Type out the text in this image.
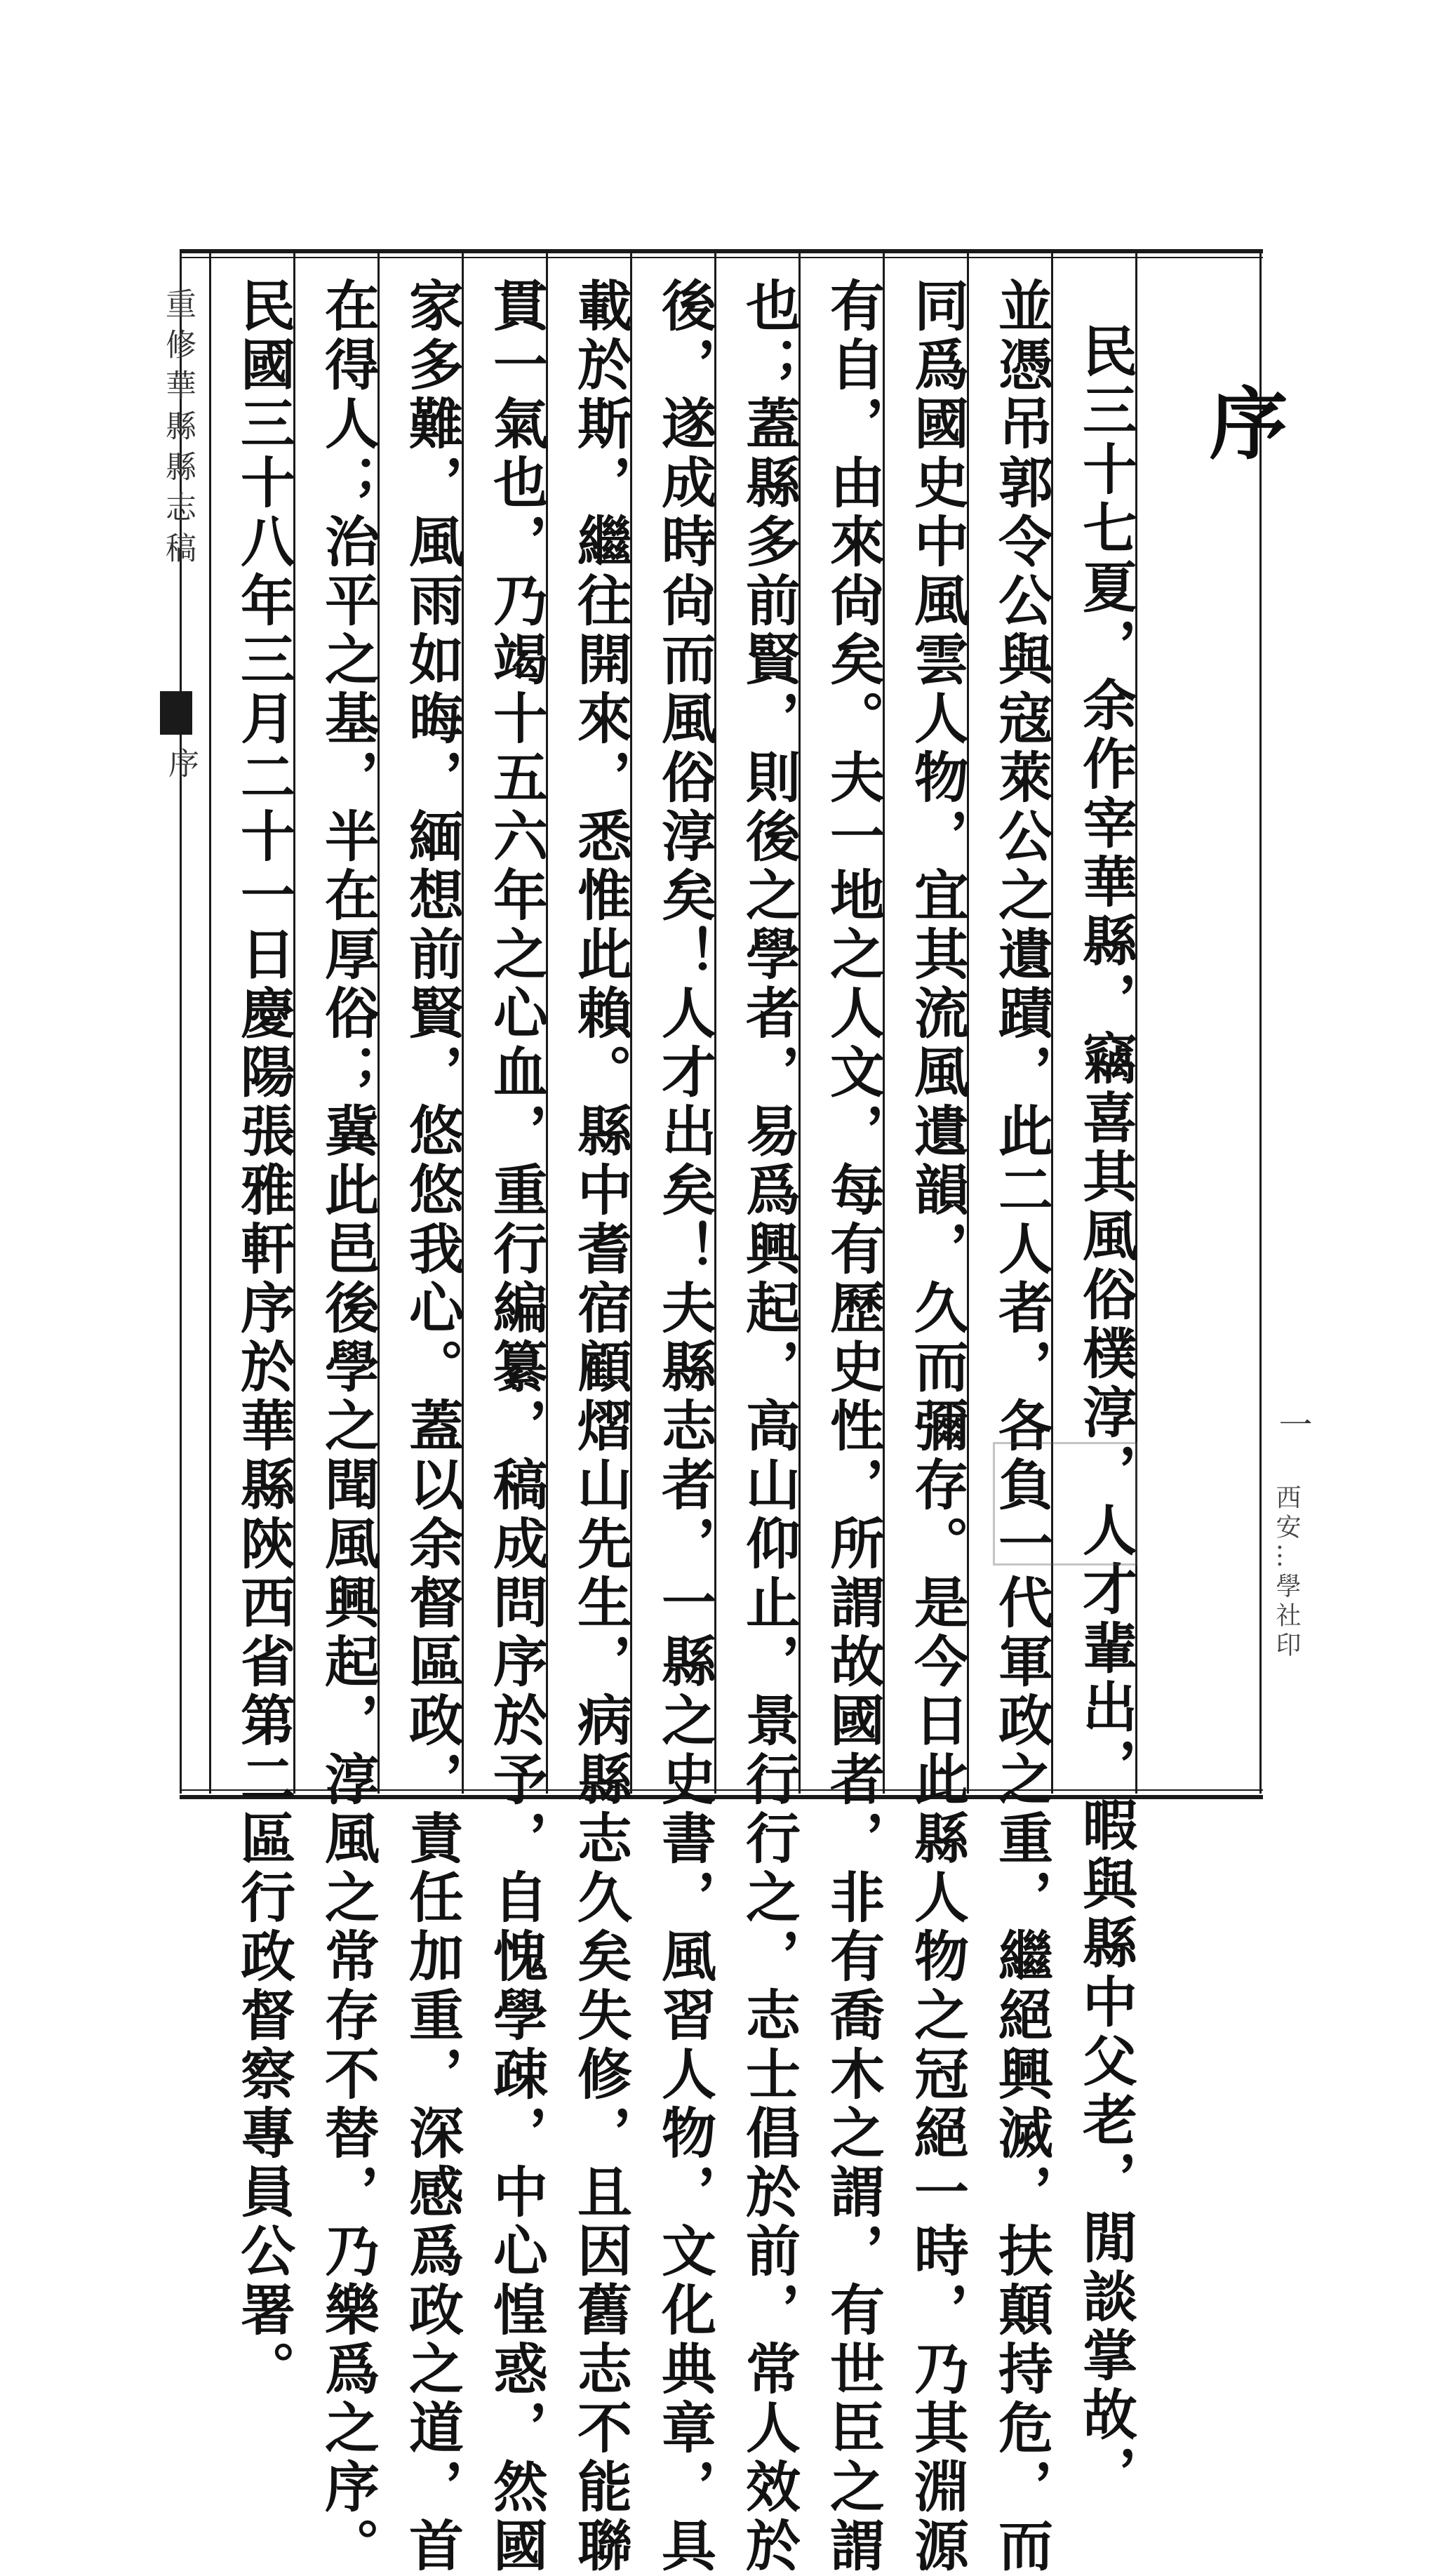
重修華縣縣志稿
序
一
西安…學社印
序
民三十七夏，余作宰華縣，竊喜其風俗樸淳，人才輩出，暇與縣中父老，閒談掌故，
並憑吊郭令公與寇萊公之遺蹟，此二人者，各負一代軍政之重，繼絕興滅，扶顛持危，而
同爲國史中風雲人物，宜其流風遺韻，久而彌存。是今日此縣人物之冠絕一時，乃其淵源
有自，由來尙矣。夫一地之人文，每有歷史性，所謂故國者，非有喬木之謂，有世臣之謂
也；蓋縣多前賢，則後之學者，易爲興起，高山仰止，景行行之，志士倡於前，常人效於
後，遂成時尙而風俗淳矣！人才出矣！夫縣志者，一縣之史書，風習人物，文化典章，具
載於斯，繼往開來，悉惟此賴。縣中耆宿顧熠山先生，病縣志久矣失修，且因舊志不能聯
貫一氣也，乃竭十五六年之心血，重行編纂，稿成問序於予，自愧學疎，中心惶惑，然國
家多難，風雨如晦，緬想前賢，悠悠我心。蓋以余督區政，責任加重，深感爲政之道，首
在得人；治平之基，半在厚俗；冀此邑後學之聞風興起，淳風之常存不替，乃樂爲之序。
民國三十八年三月二十一日慶陽張雅軒序於華縣陝西省第二區行政督察專員公署。
